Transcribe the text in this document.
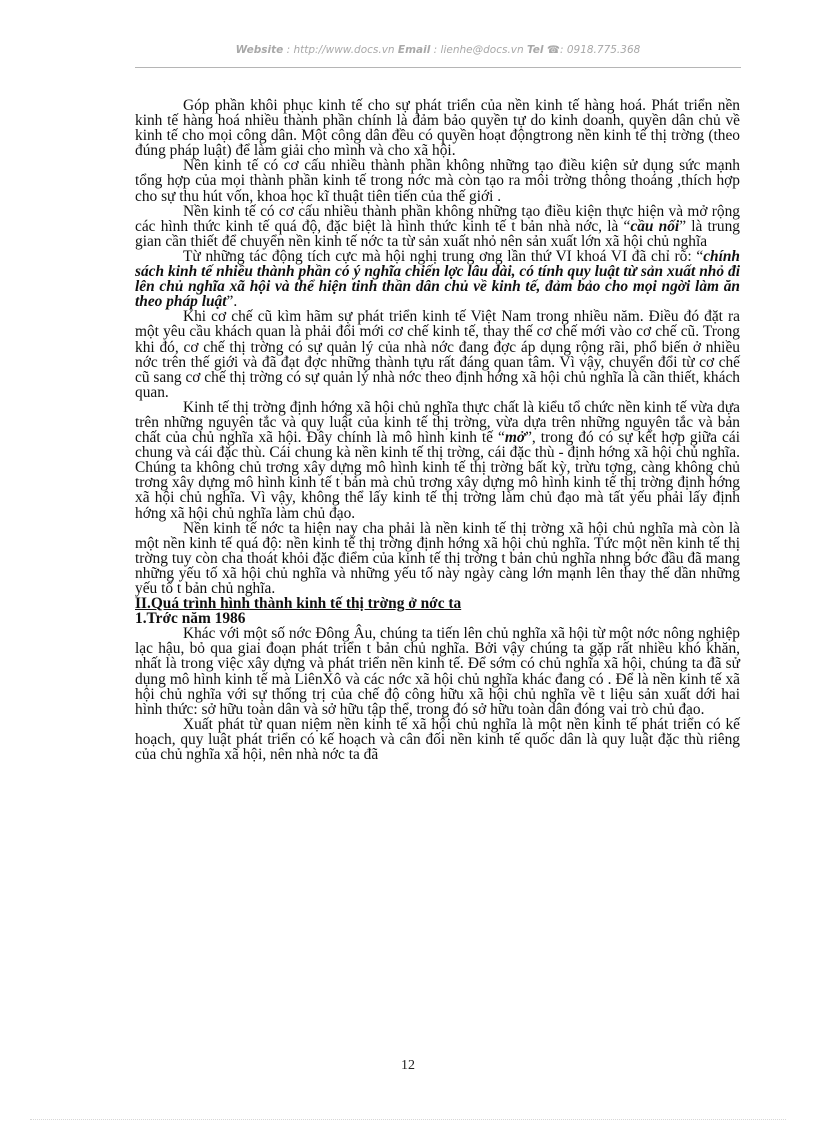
Website : http://www.docs.vn Email : lienhe@docs.vn Tel ☎: 0918.775.368

Góp phần khôi phục kinh tế cho sự phát triển của nền kinh tế hàng hoá. Phát triển nền kinh tế hàng hoá nhiều thành phần chính là đảm bảo quyền tự do kinh doanh, quyền dân chủ về kinh tế cho mọi công dân. Một công dân đều có quyền hoạt độngtrong nền kinh tế thị trờng (theo đúng pháp luật) để làm giải cho mình và cho xã hội.

Nền kinh tế có cơ cấu nhiều thành phần không những tạo điều kiện sử dụng sức mạnh tổng hợp của mọi thành phần kinh tế trong nớc mà còn tạo ra môi trờng thông thoáng ,thích hợp cho sự thu hút vốn, khoa học kĩ thuật tiên tiến của thế giới .

Nền kinh tế có cơ cấu nhiều thành phần không những tạo điều kiện thực hiện và mở rộng các hình thức kinh tế quá độ, đặc biệt là hình thức kinh tế t bản nhà nớc, là “cầu nối” là trung gian cần thiết để chuyển nền kinh tế nớc ta từ sản xuất nhỏ nên sản xuất lớn xã hội chủ nghĩa

Từ những tác động tích cực mà hội nghị trung ơng lần thứ VI khoá VI đã chỉ rõ: “chính sách kinh tế nhiều thành phần có ý nghĩa chiến lợc lâu dài, có tính quy luật từ sản xuất nhỏ đi lên chủ nghĩa xã hội và thể hiện tinh thần dân chủ về kinh tế, đảm bảo cho mọi ngời làm ăn theo pháp luật”.

Khi cơ chế cũ kìm hãm sự phát triển kinh tế Việt Nam trong nhiều năm. Điều đó đặt ra một yêu cầu khách quan là phải đổi mới cơ chế kinh tế, thay thế cơ chế mới vào cơ chế cũ. Trong khi đó, cơ chế thị trờng có sự quản lý của nhà nớc đang đợc áp dụng rộng rãi, phổ biến ở nhiều nớc trên thế giới và đã đạt đợc những thành tựu rất đáng quan tâm. Vì vậy, chuyển đổi từ cơ chế cũ sang cơ chế thị trờng có sự quản lý nhà nớc theo định hớng xã hội chủ nghĩa là cần thiết, khách quan.

Kinh tế thị trờng định hớng xã hội chủ nghĩa thực chất là kiểu tổ chức nền kinh tế vừa dựa trên những nguyên tắc và quy luật của kinh tế thị trờng, vừa dựa trên những nguyên tắc và bản chất của chủ nghĩa xã hội. Đây chính là mô hình kinh tế “mở”, trong đó có sự kết hợp giữa cái chung và cái đặc thù. Cái chung kà nền kinh tế thị trờng, cái đặc thù - định hớng xã hội chủ nghĩa. Chúng ta không chủ trơng xây dựng mô hình kinh tế thị trờng bất kỳ, trừu tợng, càng không chủ trơng xây dựng mô hình kinh tế t bản mà chủ trơng xây dựng mô hình kinh tế thị trờng định hớng xã hội chủ nghĩa. Vì vậy, không thể lấy kinh tế thị trờng làm chủ đạo mà tất yếu phải lấy định hớng xã hội chủ nghĩa làm chủ đạo.

Nền kinh tế nớc ta hiện nay cha phải là nền kinh tế thị trờng xã hội chủ nghĩa mà còn là một nền kinh tế quá độ: nền kinh tế thị trờng định hớng xã hội chủ nghĩa. Tức một nền kinh tế thị trờng tuy còn cha thoát khỏi đặc điểm của kinh tế thị trờng t bản chủ nghĩa nhng bớc đầu đã mang những yếu tố xã hội chủ nghĩa và những yếu tố này ngày càng lớn mạnh lên thay thế dần những yếu tố t bản chủ nghĩa.

II.Quá trình hình thành kinh tế thị trờng ở nớc ta
1.Trớc năm 1986

Khác với một số nớc Đông Âu, chúng ta tiến lên chủ nghĩa xã hội từ một nớc nông nghiệp lạc hậu, bỏ qua giai đoạn phát triển t bản chủ nghĩa. Bởi vậy chúng ta gặp rất nhiều khó khăn, nhất là trong việc xây dựng và phát triển nền kinh tế. Để sớm có chủ nghĩa xã hội, chúng ta đã sử dụng mô hình kinh tế mà LiênXô và các nớc xã hội chủ nghĩa khác đang có . Để là nền kinh tế xã hội chủ nghĩa với sự thống trị của chế độ công hữu xã hội chủ nghĩa về t liệu sản xuất dới hai hình thức: sở hữu toàn dân và sở hữu tập thể, trong đó sở hữu toàn dân đóng vai trò chủ đạo.

Xuất phát từ quan niệm nền kinh tế xã hội chủ nghĩa là một nền kinh tế phát triển có kế hoạch, quy luật phát triển có kế hoạch và cân đối nền kinh tế quốc dân là quy luật đặc thù riêng của chủ nghĩa xã hội, nên nhà nớc ta đã

12
